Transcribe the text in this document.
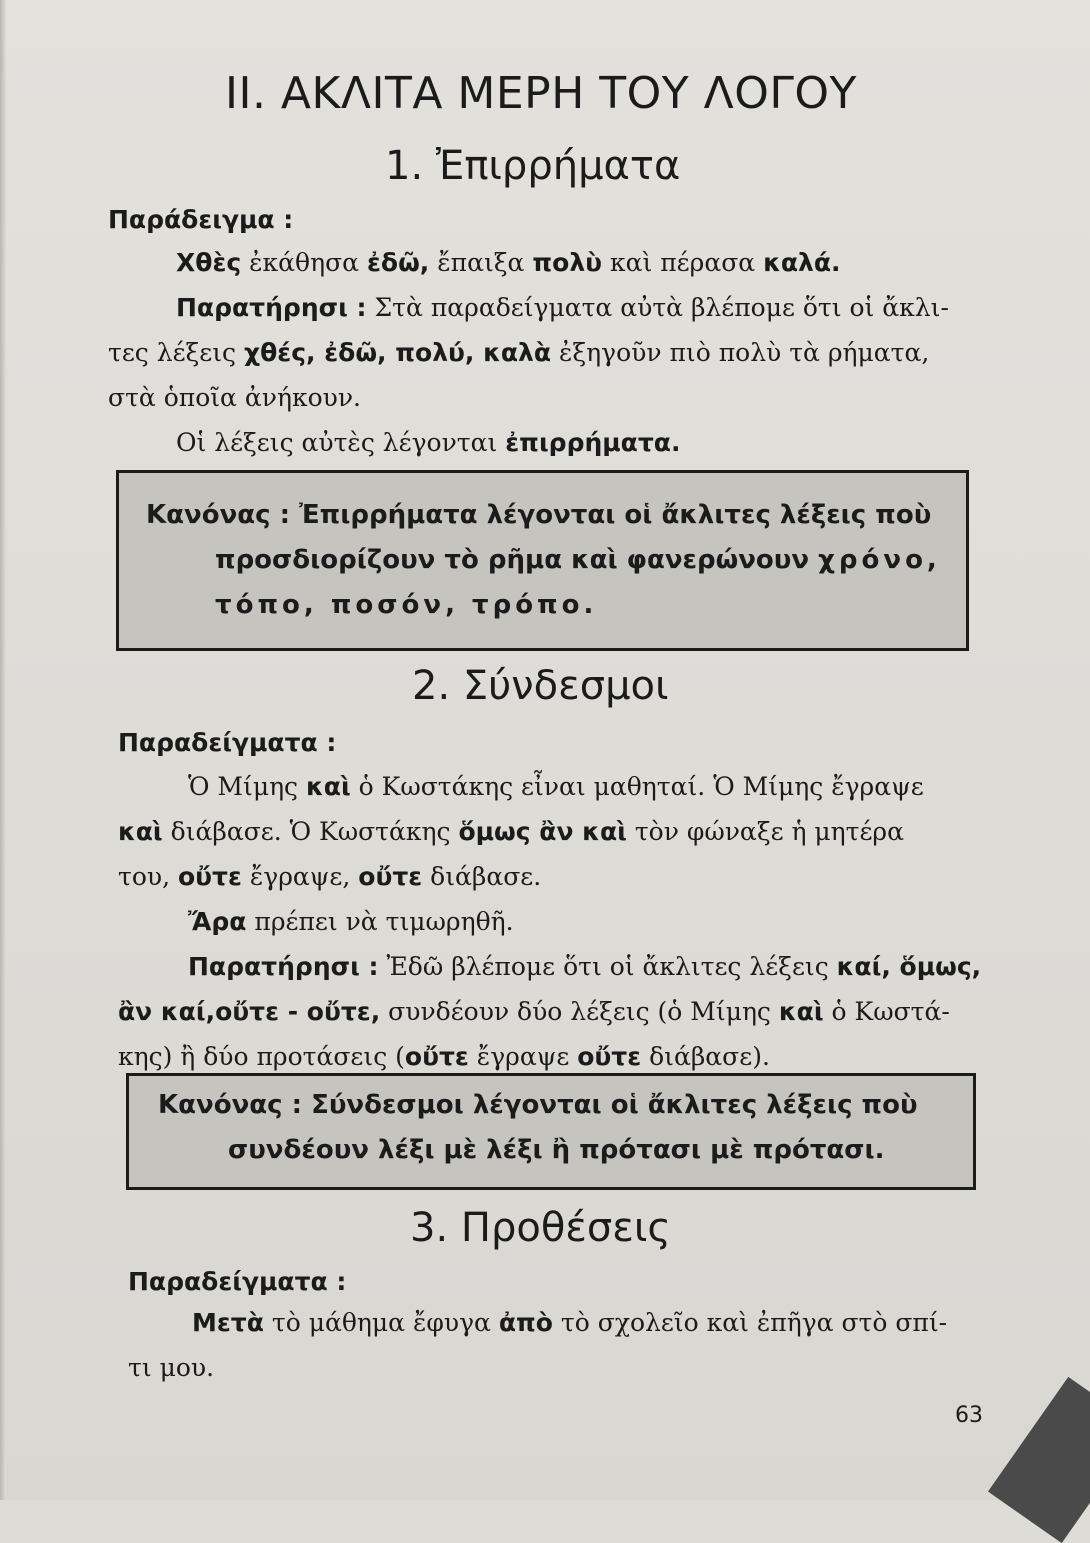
II. ΑΚΛΙΤΑ ΜΕΡΗ ΤΟΥ ΛΟΓΟΥ
1. Ἐπιρρήματα
Παράδειγμα :
Χθὲς ἐκάθησα ἐδῶ, ἔπαιξα πολὺ καὶ πέρασα καλά.
Παρατήρησι : Στὰ παραδείγματα αὐτὰ βλέπομε ὅτι οἱ ἄκλι-
τες λέξεις χθές, ἐδῶ, πολύ, καλὰ ἐξηγοῦν πιὸ πολὺ τὰ ρήματα,
στὰ ὁποῖα ἀνήκουν.
Οἱ λέξεις αὐτὲς λέγονται ἐπιρρήματα.
Κανόνας : Ἐπιρρήματα λέγονται οἱ ἄκλιτες λέξεις ποὺ
προσδιορίζουν τὸ ρῆμα καὶ φανερώνουν χρόνο,
τόπο, ποσόν, τρόπο.
2. Σύνδεσμοι
Παραδείγματα :
Ὁ Μίμης καὶ ὁ Κωστάκης εἶναι μαθηταί. Ὁ Μίμης ἔγραψε
καὶ διάβασε. Ὁ Κωστάκης ὅμως ἂν καὶ τὸν φώναξε ἡ μητέρα
του, οὔτε ἔγραψε, οὔτε διάβασε.
Ἄρα πρέπει νὰ τιμωρηθῆ.
Παρατήρησι : Ἐδῶ βλέπομε ὅτι οἱ ἄκλιτες λέξεις καί, ὅμως,
ἂν καί,οὔτε - οὔτε, συνδέουν δύο λέξεις (ὁ Μίμης καὶ ὁ Κωστά-
κης) ἢ δύο προτάσεις (οὔτε ἔγραψε οὔτε διάβασε).
Κανόνας : Σύνδεσμοι λέγονται οἱ ἄκλιτες λέξεις ποὺ
συνδέουν λέξι μὲ λέξι ἢ πρότασι μὲ πρότασι.
3. Προθέσεις
Παραδείγματα :
Μετὰ τὸ μάθημα ἔφυγα ἀπὸ τὸ σχολεῖο καὶ ἐπῆγα στὸ σπί-
τι μου.
63
